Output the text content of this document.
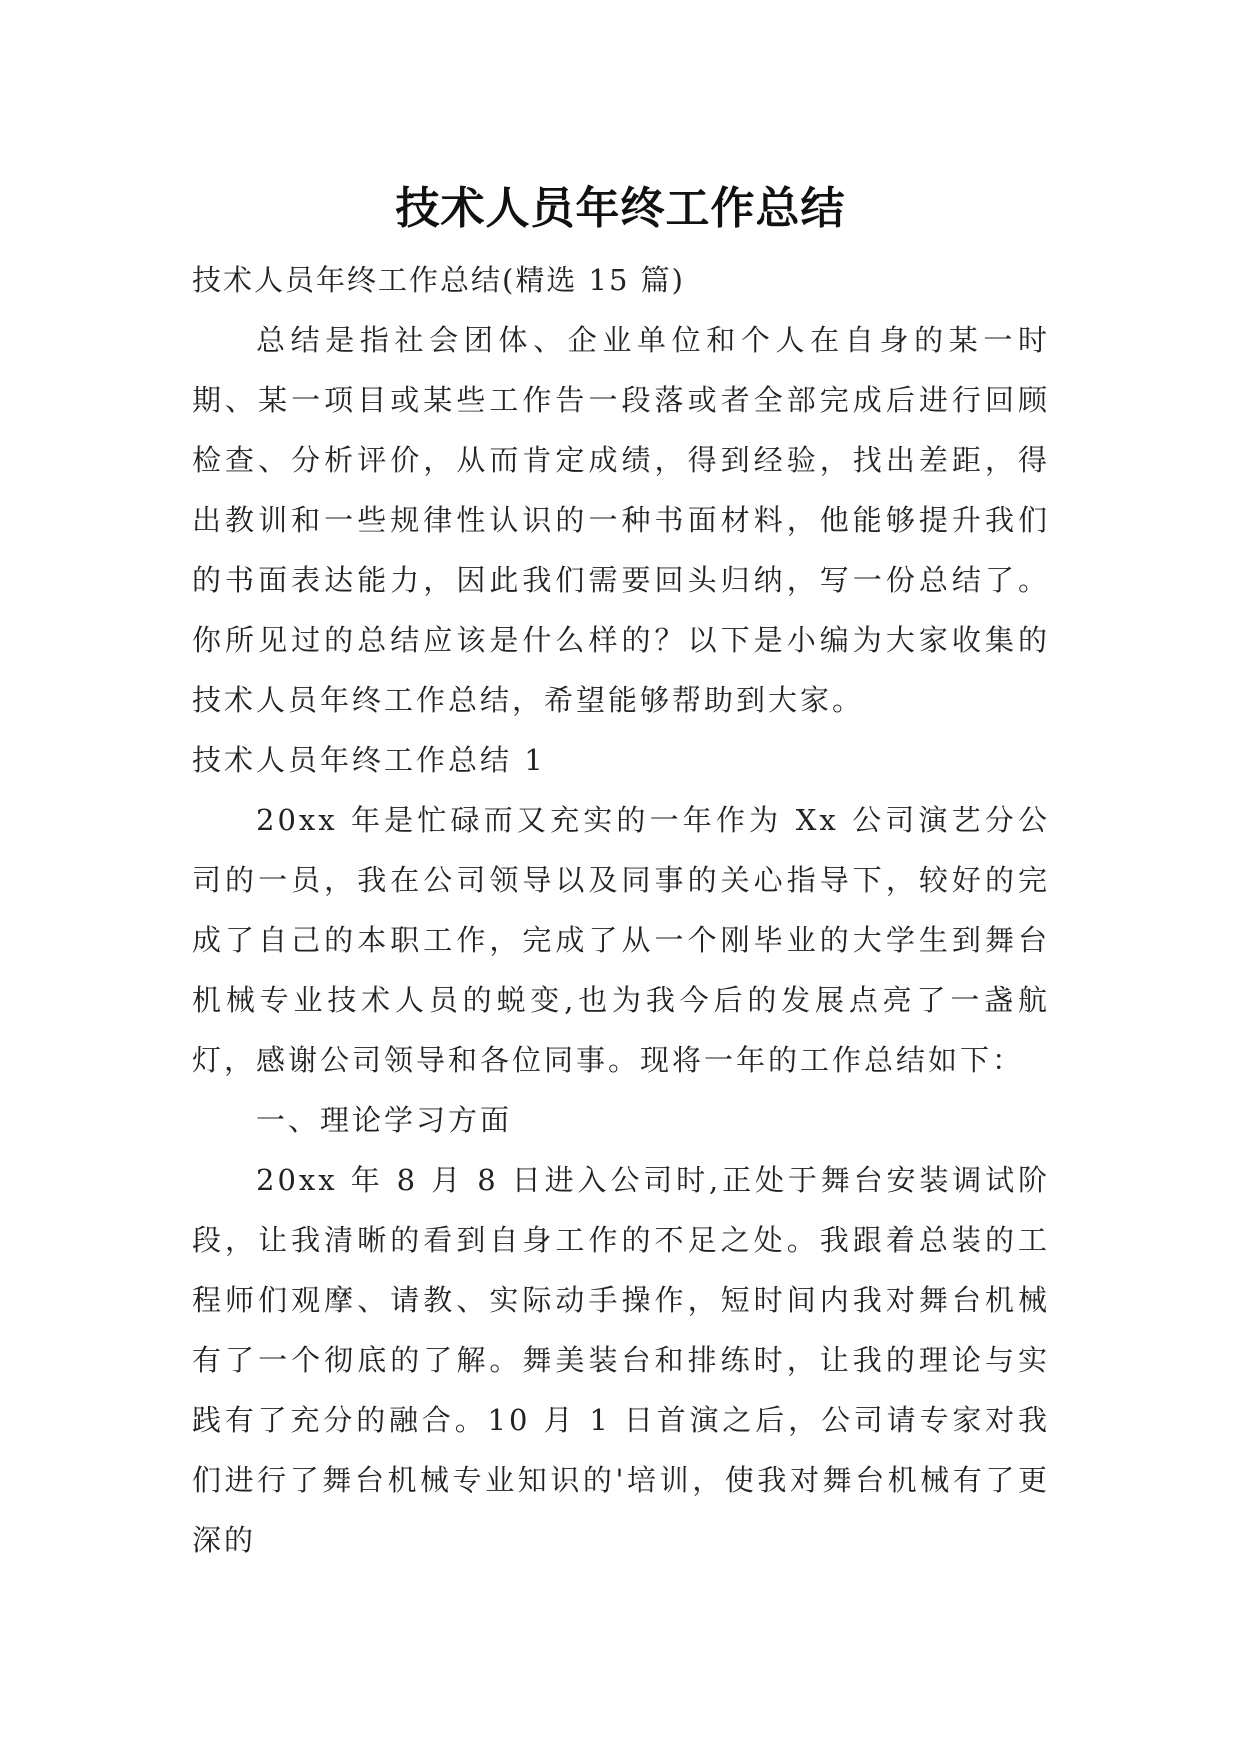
技术人员年终工作总结

技术人员年终工作总结(精选 15 篇)

总结是指社会团体、企业单位和个人在自身的某一时期、某一项目或某些工作告一段落或者全部完成后进行回顾检查、分析评价，从而肯定成绩，得到经验，找出差距，得出教训和一些规律性认识的一种书面材料，他能够提升我们的书面表达能力，因此我们需要回头归纳，写一份总结了。你所见过的总结应该是什么样的？以下是小编为大家收集的技术人员年终工作总结，希望能够帮助到大家。

技术人员年终工作总结 1

20xx 年是忙碌而又充实的一年作为 Xx 公司演艺分公司的一员，我在公司领导以及同事的关心指导下，较好的完成了自己的本职工作，完成了从一个刚毕业的大学生到舞台机械专业技术人员的蜕变,也为我今后的发展点亮了一盏航灯，感谢公司领导和各位同事。现将一年的工作总结如下：

一、理论学习方面

20xx 年 8 月 8 日进入公司时,正处于舞台安装调试阶段，让我清晰的看到自身工作的不足之处。我跟着总装的工程师们观摩、请教、实际动手操作，短时间内我对舞台机械有了一个彻底的了解。舞美装台和排练时，让我的理论与实践有了充分的融合。10 月 1 日首演之后，公司请专家对我们进行了舞台机械专业知识的'培训，使我对舞台机械有了更深的
